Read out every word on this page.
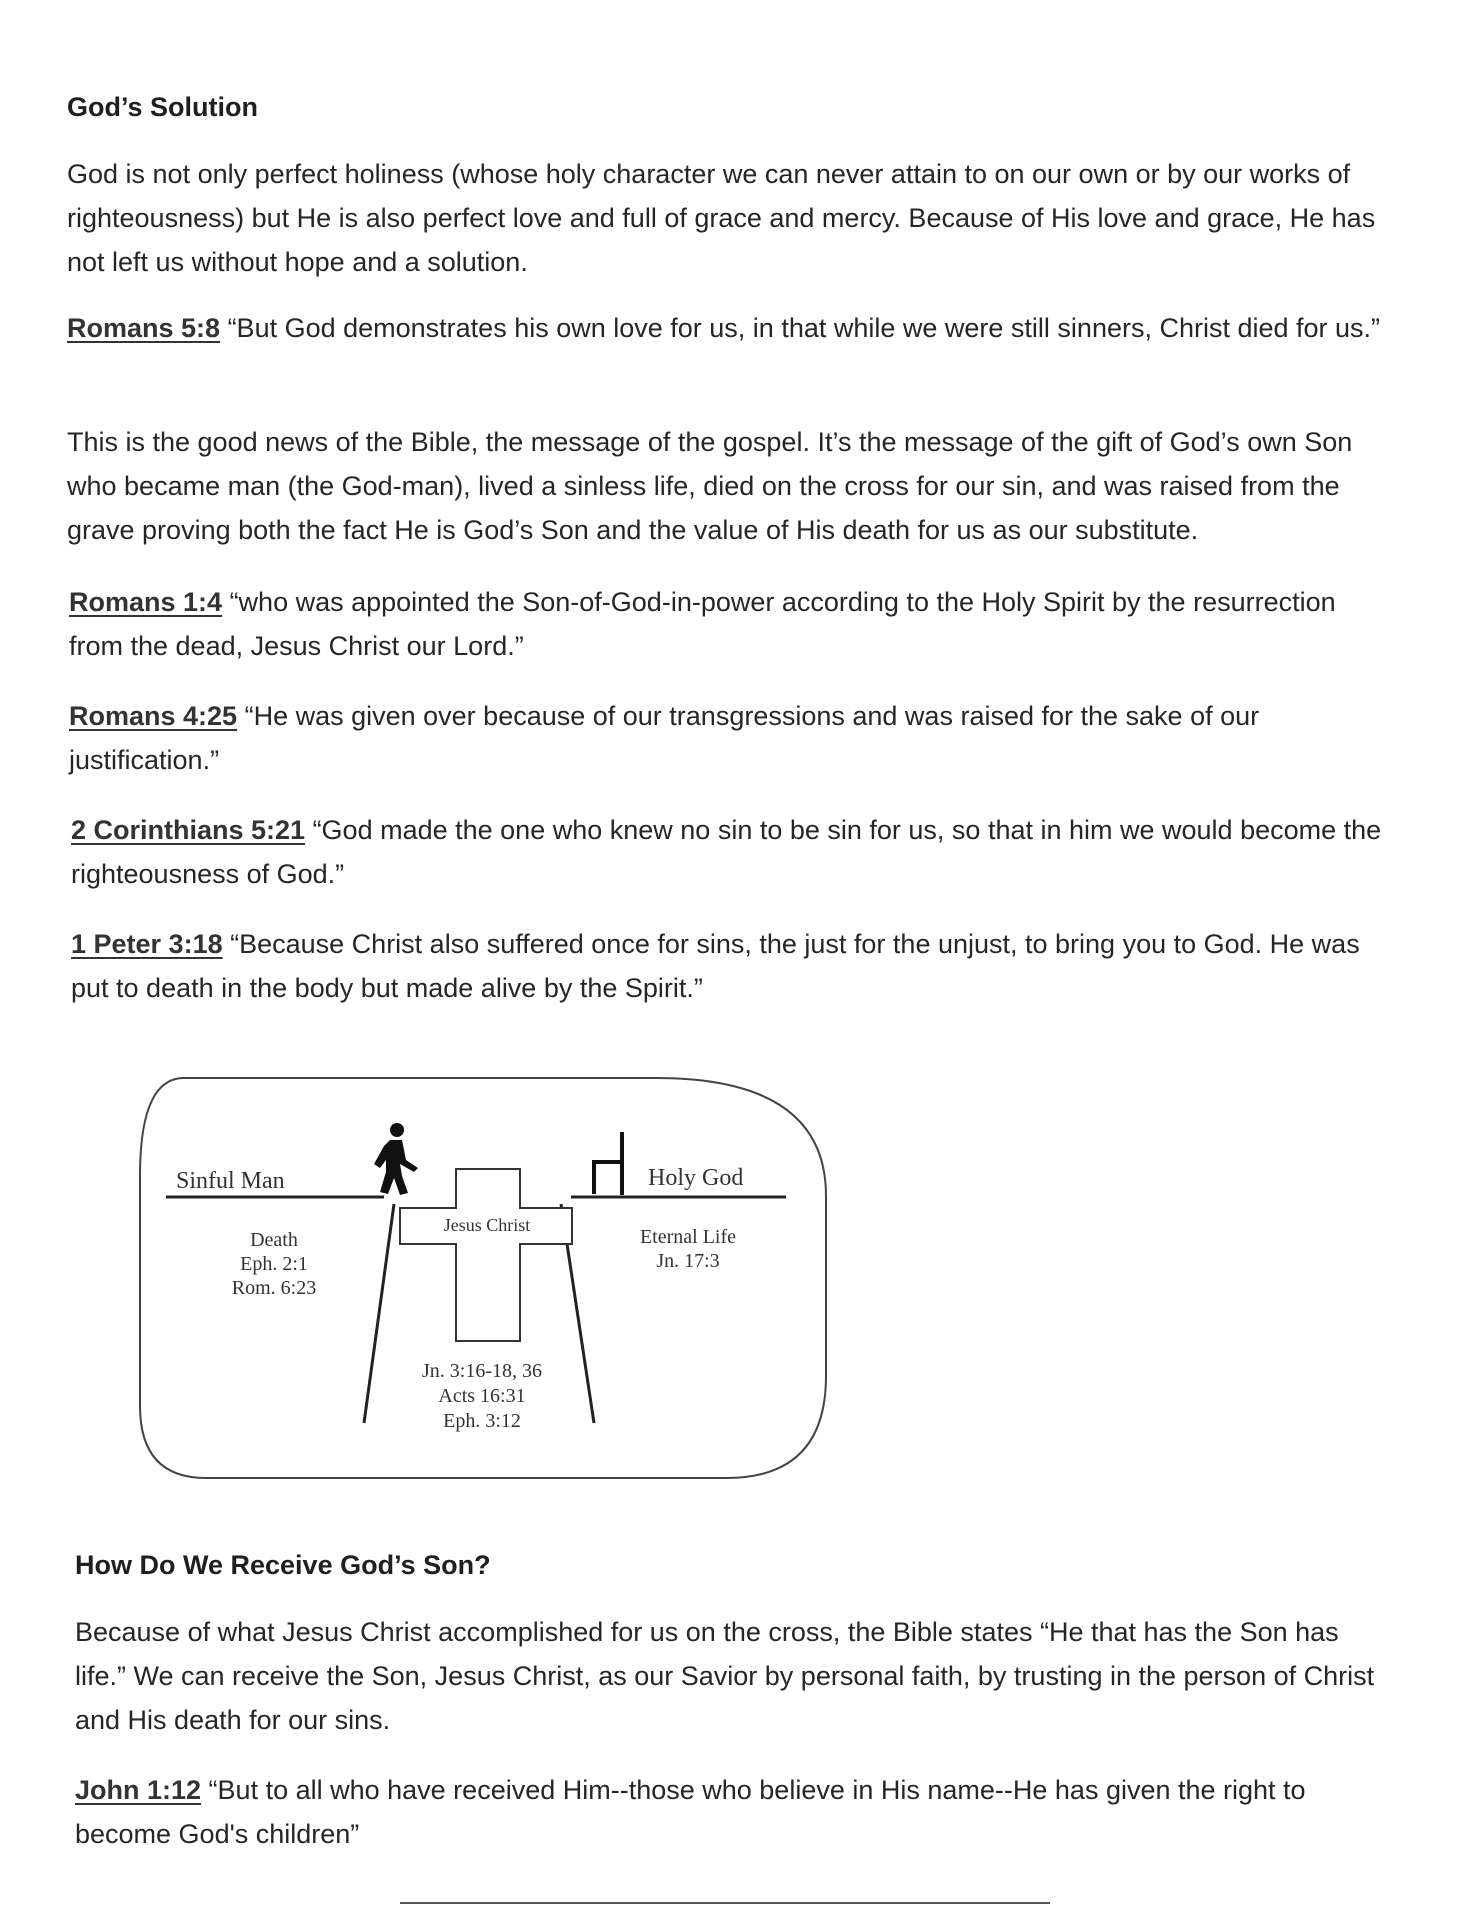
God’s Solution
God is not only perfect holiness (whose holy character we can never attain to on our own or by our works of righteousness) but He is also perfect love and full of grace and mercy. Because of His love and grace, He has not left us without hope and a solution.
Romans 5:8 “But God demonstrates his own love for us, in that while we were still sinners, Christ died for us.”
This is the good news of the Bible, the message of the gospel. It’s the message of the gift of God’s own Son who became man (the God-man), lived a sinless life, died on the cross for our sin, and was raised from the grave proving both the fact He is God’s Son and the value of His death for us as our substitute.
Romans 1:4 “who was appointed the Son-of-God-in-power according to the Holy Spirit by the resurrection from the dead, Jesus Christ our Lord.”
Romans 4:25 “He was given over because of our transgressions and was raised for the sake of our justification.”
2 Corinthians 5:21 “God made the one who knew no sin to be sin for us, so that in him we would become the righteousness of God.”
1 Peter 3:18 “Because Christ also suffered once for sins, the just for the unjust, to bring you to God. He was put to death in the body but made alive by the Spirit.”
Sinful Man	Holy God
Jesus Christ
Death
Eph. 2:1
Rom. 6:23
Eternal Life
Jn. 17:3
Jn. 3:16-18, 36
Acts 16:31
Eph. 3:12
How Do We Receive God’s Son?
Because of what Jesus Christ accomplished for us on the cross, the Bible states “He that has the Son has life.” We can receive the Son, Jesus Christ, as our Savior by personal faith, by trusting in the person of Christ and His death for our sins.
John 1:12 “But to all who have received Him--those who believe in His name--He has given the right to become God's children”
